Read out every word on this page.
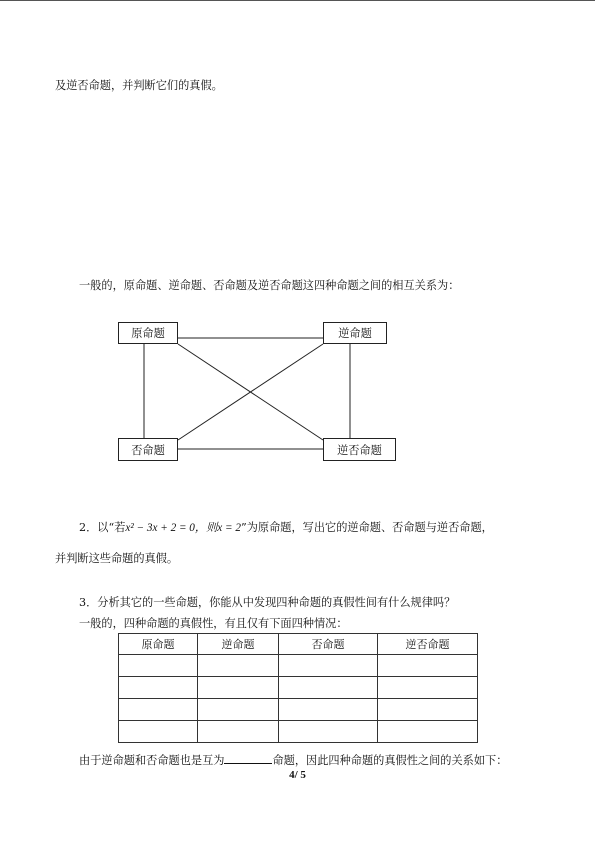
及逆否命题，并判断它们的真假。
一般的，原命题、逆命题、否命题及逆否命题这四种命题之间的相互关系为：
原命题	逆命题
否命题	逆否命题
2．以“若x² − 3x + 2 = 0，则x = 2”为原命题，写出它的逆命题、否命题与逆否命题，
并判断这些命题的真假。
3．分析其它的一些命题，你能从中发现四种命题的真假性间有什么规律吗？
一般的，四种命题的真假性，有且仅有下面四种情况：
原命题	逆命题	否命题	逆否命题

由于逆命题和否命题也是互为	命题，因此四种命题的真假性之间的关系如下：
4/ 5
